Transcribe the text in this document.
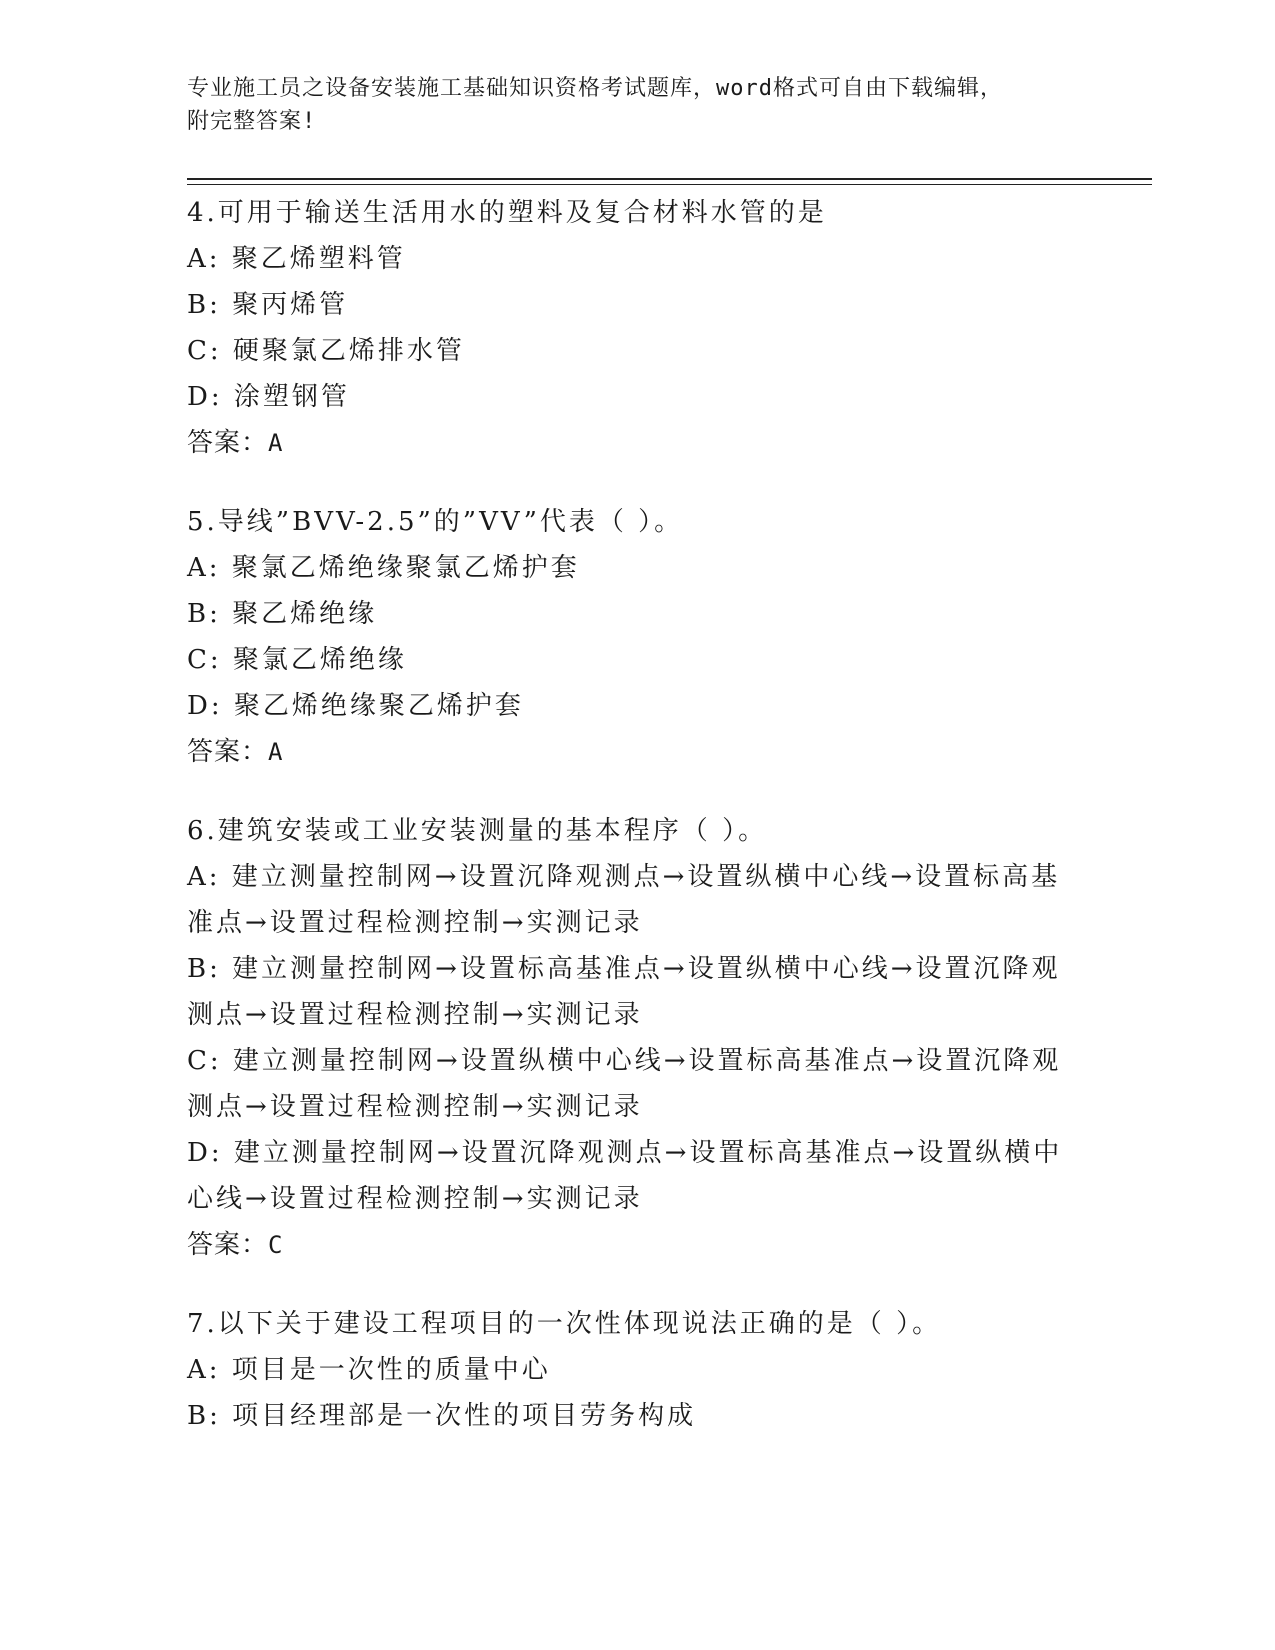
专业施工员之设备安装施工基础知识资格考试题库，word格式可自由下载编辑，
附完整答案!
4.可用于输送生活用水的塑料及复合材料水管的是
A: 聚乙烯塑料管
B: 聚丙烯管
C: 硬聚氯乙烯排水管
D: 涂塑钢管
答案：A
5.导线”BVV-2.5”的”VV”代表（ ）。
A: 聚氯乙烯绝缘聚氯乙烯护套
B: 聚乙烯绝缘
C: 聚氯乙烯绝缘
D: 聚乙烯绝缘聚乙烯护套
答案：A
6.建筑安装或工业安装测量的基本程序（ ）。
A: 建立测量控制网→设置沉降观测点→设置纵横中心线→设置标高基准点→设置过程检测控制→实测记录
B: 建立测量控制网→设置标高基准点→设置纵横中心线→设置沉降观测点→设置过程检测控制→实测记录
C: 建立测量控制网→设置纵横中心线→设置标高基准点→设置沉降观测点→设置过程检测控制→实测记录
D: 建立测量控制网→设置沉降观测点→设置标高基准点→设置纵横中心线→设置过程检测控制→实测记录
答案：C
7.以下关于建设工程项目的一次性体现说法正确的是（ ）。
A: 项目是一次性的质量中心
B: 项目经理部是一次性的项目劳务构成
